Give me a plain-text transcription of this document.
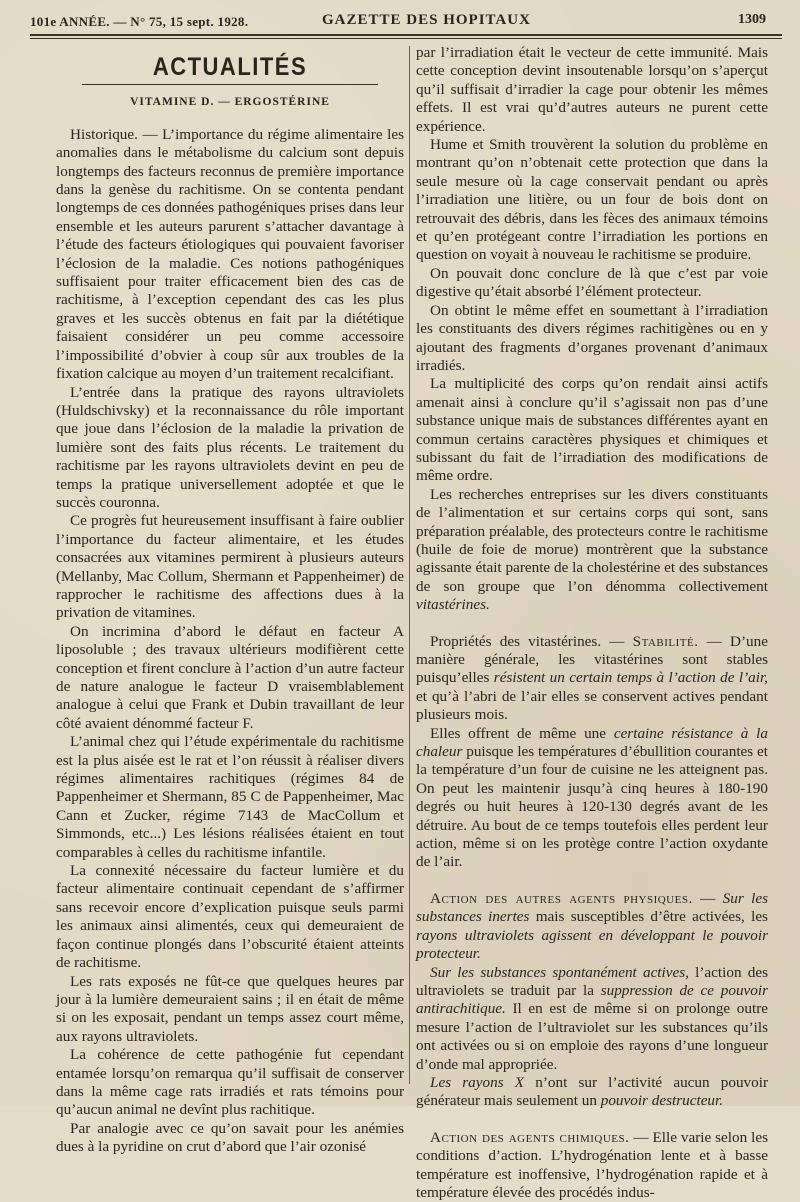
101e ANNÉE. — N° 75, 15 sept. 1928.	GAZETTE DES HOPITAUX	1309
ACTUALITÉS
VITAMINE D. — ERGOSTÉRINE

Historique. — L’importance du régime alimentaire les anomalies dans le métabolisme du calcium sont depuis longtemps des facteurs reconnus de première importance dans la genèse du rachitisme. On se contenta pendant longtemps de ces données pathogéniques prises dans leur ensemble et les auteurs parurent s’attacher davantage à l’étude des facteurs étiologiques qui pouvaient favoriser l’éclosion de la maladie. Ces notions pathogéniques suffisaient pour traiter efficacement bien des cas de rachitisme, à l’exception cependant des cas les plus graves et les succès obtenus en fait par la diététique faisaient considérer un peu comme accessoire l’impossibilité d’obvier à coup sûr aux troubles de la fixation calcique au moyen d’un traitement recalcifiant.

L’entrée dans la pratique des rayons ultraviolets (Huldschivsky) et la reconnaissance du rôle important que joue dans l’éclosion de la maladie la privation de lumière sont des faits plus récents. Le traitement du rachitisme par les rayons ultraviolets devint en peu de temps la pratique universellement adoptée et que le succès couronna.

Ce progrès fut heureusement insuffisant à faire oublier l’importance du facteur alimentaire, et les études consacrées aux vitamines permirent à plusieurs auteurs (Mellanby, Mac Collum, Shermann et Pappenheimer) de rapprocher le rachitisme des affections dues à la privation de vitamines.

On incrimina d’abord le défaut en facteur A liposoluble ; des travaux ultérieurs modifièrent cette conception et firent conclure à l’action d’un autre facteur de nature analogue le facteur D vraisemblablement analogue à celui que Frank et Dubin travaillant de leur côté avaient dénommé facteur F.

L’animal chez qui l’étude expérimentale du rachitisme est la plus aisée est le rat et l’on réussit à réaliser divers régimes alimentaires rachitiques (régimes 84 de Pappenheimer et Shermann, 85 C de Pappenheimer, Mac Cann et Zucker, régime 7143 de MacCollum et Simmonds, etc...) Les lésions réalisées étaient en tout comparables à celles du rachitisme infantile.

La connexité nécessaire du facteur lumière et du facteur alimentaire continuait cependant de s’affirmer sans recevoir encore d’explication puisque seuls parmi les animaux ainsi alimentés, ceux qui demeuraient de façon continue plongés dans l’obscurité étaient atteints de rachitisme.

Les rats exposés ne fût-ce que quelques heures par jour à la lumière demeuraient sains ; il en était de même si on les exposait, pendant un temps assez court même, aux rayons ultraviolets.

La cohérence de cette pathogénie fut cependant entamée lorsqu’on remarqua qu’il suffisait de conserver dans la même cage rats irradiés et rats témoins pour qu’aucun animal ne devînt plus rachitique.

Par analogie avec ce qu’on savait pour les anémies dues à la pyridine on crut d’abord que l’air ozonisé

par l’irradiation était le vecteur de cette immunité. Mais cette conception devint insoutenable lorsqu’on s’aperçut qu’il suffisait d’irradier la cage pour obtenir les mêmes effets. Il est vrai qu’d’autres auteurs ne purent cette expérience.

Hume et Smith trouvèrent la solution du problème en montrant qu’on n’obtenait cette protection que dans la seule mesure où la cage conservait pendant ou après l’irradiation une litière, ou un four de bois dont on retrouvait des débris, dans les fèces des animaux témoins et qu’en protégeant contre l’irradiation les portions en question on voyait à nouveau le rachitisme se produire.

On pouvait donc conclure de là que c’est par voie digestive qu’était absorbé l’élément protecteur.

On obtint le même effet en soumettant à l’irradiation les constituants des divers régimes rachitigènes ou en y ajoutant des fragments d’organes provenant d’animaux irradiés.

La multiplicité des corps qu’on rendait ainsi actifs amenait ainsi à conclure qu’il s’agissait non pas d’une substance unique mais de substances différentes ayant en commun certains caractères physiques et chimiques et subissant du fait de l’irradiation des modifications de même ordre.

Les recherches entreprises sur les divers constituants de l’alimentation et sur certains corps qui sont, sans préparation préalable, des protecteurs contre le rachitisme (huile de foie de morue) montrèrent que la substance agissante était parente de la cholestérine et des substances de son groupe que l’on dénomma collectivement vitastérines.

Propriétés des vitastérines. — Stabilité. — D’une manière générale, les vitastérines sont stables puisqu’elles résistent un certain temps à l’action de l’air, et qu’à l’abri de l’air elles se conservent actives pendant plusieurs mois.

Elles offrent de même une certaine résistance à la chaleur puisque les températures d’ébullition courantes et la température d’un four de cuisine ne les atteignent pas. On peut les maintenir jusqu’à cinq heures à 180-190 degrés ou huit heures à 120-130 degrés avant de les détruire. Au bout de ce temps toutefois elles perdent leur action, même si on les protège contre l’action oxydante de l’air.

Action des autres agents physiques. — Sur les substances inertes mais susceptibles d’être activées, les rayons ultraviolets agissent en développant le pouvoir protecteur.

Sur les substances spontanément actives, l’action des ultraviolets se traduit par la suppression de ce pouvoir antirachitique. Il en est de même si on prolonge outre mesure l’action de l’ultraviolet sur les substances qu’ils ont activées ou si on emploie des rayons d’une longueur d’onde mal appropriée.

Les rayons X n’ont sur l’activité aucun pouvoir générateur mais seulement un pouvoir destructeur.

Action des agents chimiques. — Elle varie selon les conditions d’action. L’hydrogénation lente et à basse température est inoffensive, l’hydrogénation rapide et à température élevée des procédés indus-
